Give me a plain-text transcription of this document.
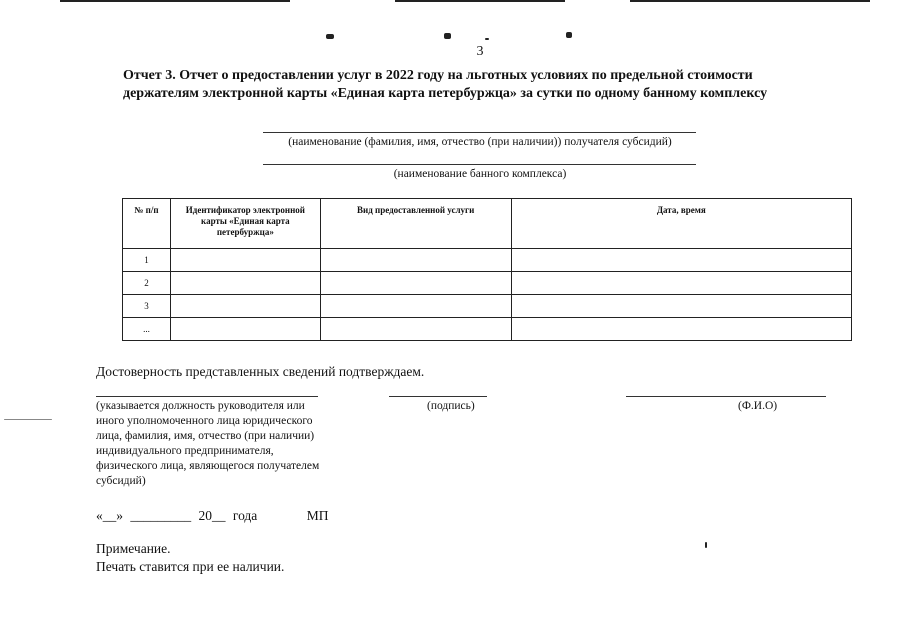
3
Отчет 3. Отчет о предоставлении услуг в 2022 году на льготных условиях по предельной стоимости держателям электронной карты «Единая карта петербуржца» за сутки по одному банному комплексу
(наименование (фамилия, имя, отчество (при наличии)) получателя субсидий)
(наименование банного комплекса)
№ п/п	Идентификатор электронной карты «Единая карта петербуржца»	Вид предоставленной услуги	Дата, время
1			
2			
3			
...			
Достоверность представленных сведений подтверждаем.
(указывается должность руководителя или иного уполномоченного лица юридического лица, фамилия, имя, отчество (при наличии) индивидуального предпринимателя, физического лица, являющегося получателем субсидий)
(подпись)	(Ф.И.О)
«__» _________ 20__ года	МП
Примечание.
Печать ставится при ее наличии.
